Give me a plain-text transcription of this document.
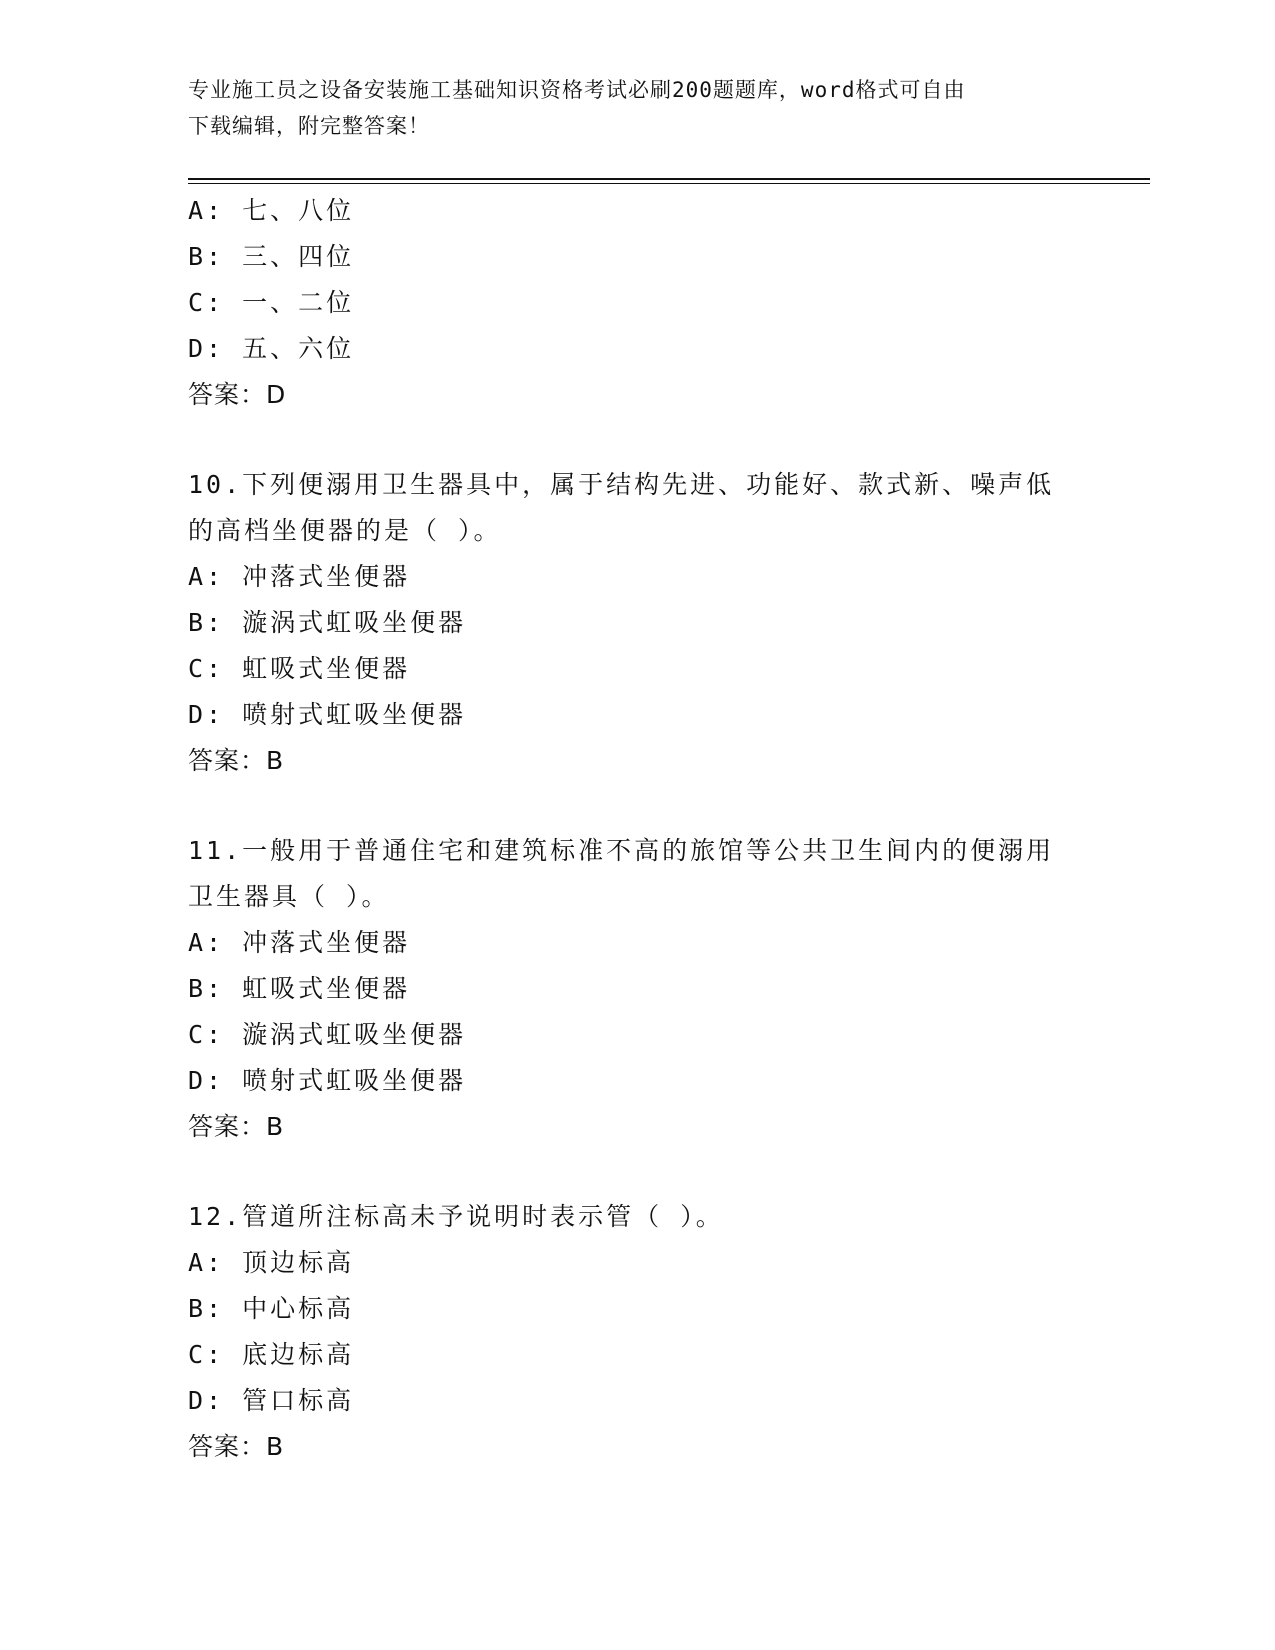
专业施工员之设备安装施工基础知识资格考试必刷200题题库，word格式可自由
下载编辑，附完整答案！
A: 七、八位
B: 三、四位
C: 一、二位
D: 五、六位
答案：D
10.下列便溺用卫生器具中，属于结构先进、功能好、款式新、噪声低
的高档坐便器的是（ ）。
A: 冲落式坐便器
B: 漩涡式虹吸坐便器
C: 虹吸式坐便器
D: 喷射式虹吸坐便器
答案：B
11.一般用于普通住宅和建筑标准不高的旅馆等公共卫生间内的便溺用
卫生器具（ ）。
A: 冲落式坐便器
B: 虹吸式坐便器
C: 漩涡式虹吸坐便器
D: 喷射式虹吸坐便器
答案：B
12.管道所注标高未予说明时表示管（ ）。
A: 顶边标高
B: 中心标高
C: 底边标高
D: 管口标高
答案：B
